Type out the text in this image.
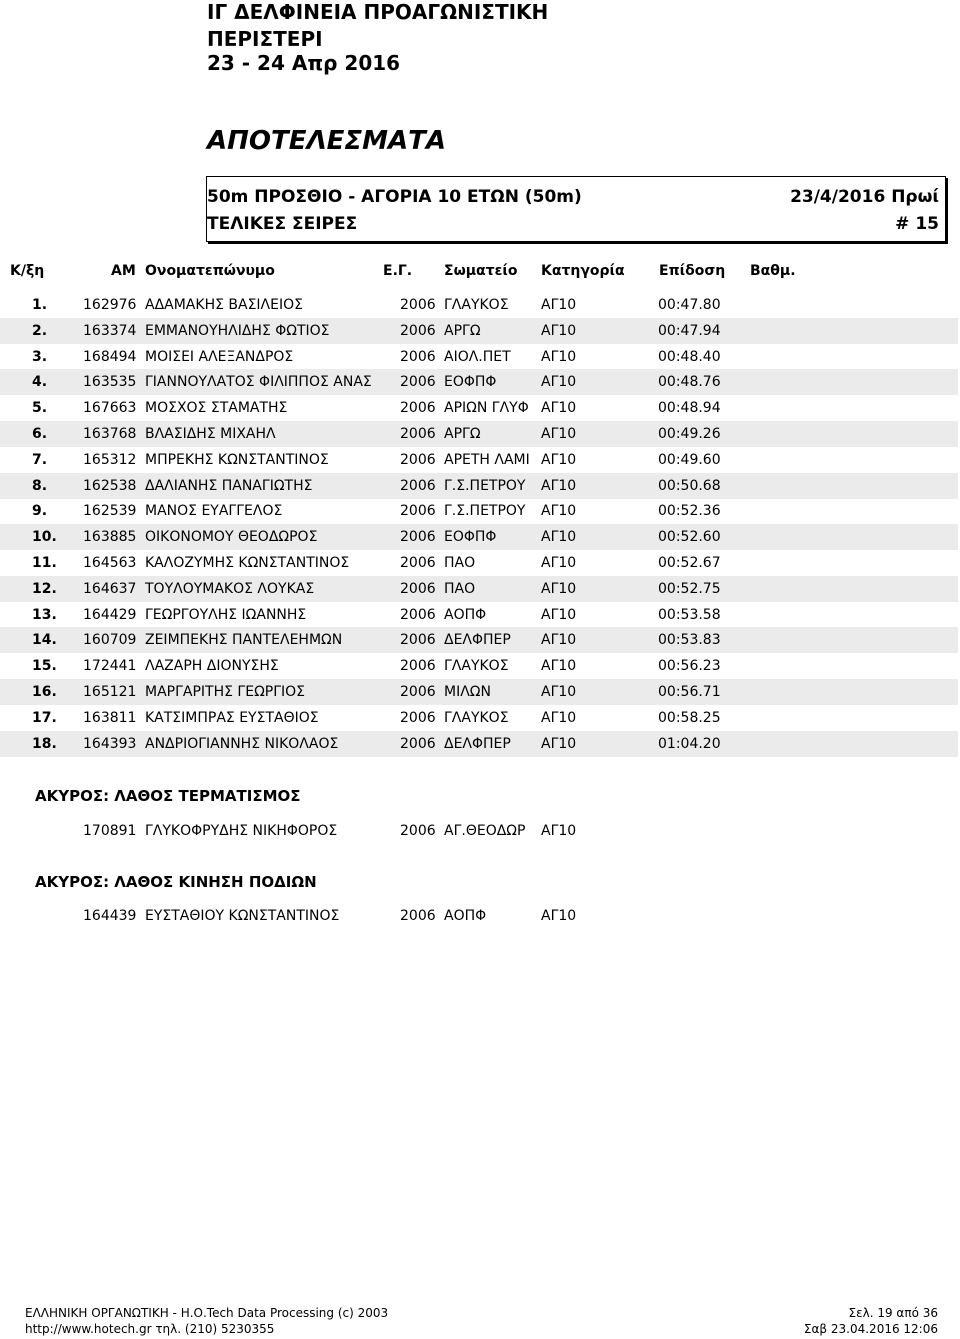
ΙΓ ΔΕΛΦΙΝΕΙΑ ΠΡΟΑΓΩΝΙΣΤΙΚΗ
ΠΕΡΙΣΤΕΡΙ
23 - 24 Απρ 2016
ΑΠΟΤΕΛΕΣΜΑΤΑ
50m ΠΡΟΣΘΙΟ - ΑΓΟΡΙΑ 10 ΕΤΩΝ (50m)	23/4/2016 Πρωί
ΤΕΛΙΚΕΣ ΣΕΙΡΕΣ	# 15
Κ/ξη	ΑΜ Ονοματεπώνυμο	Ε.Γ. Σωματείο Κατηγορία Επίδοση Βαθμ.
1.	162976 ΑΔΑΜΑΚΗΣ ΒΑΣΙΛΕΙΟΣ	2006 ΓΛΑΥΚΟΣ ΑΓ10	00:47.80
2.	163374 ΕΜΜΑΝΟΥΗΛΙΔΗΣ ΦΩΤΙΟΣ	2006 ΑΡΓΩ	ΑΓ10	00:47.94
3.	168494 ΜΟΙΣΕΙ ΑΛΕΞΑΝΔΡΟΣ	2006 ΑΙΟΛ.ΠΕΤ ΑΓ10	00:48.40
4.	163535 ΓΙΑΝΝΟΥΛΑΤΟΣ ΦΙΛΙΠΠΟΣ ΑΝΑΣ 2006 ΕΟΦΠΦ	ΑΓ10	00:48.76
5.	167663 ΜΟΣΧΟΣ ΣΤΑΜΑΤΗΣ	2006 ΑΡΙΩΝ ΓΛΥΦ ΑΓ10	00:48.94
6.	163768 ΒΛΑΣΙΔΗΣ ΜΙΧΑΗΛ	2006 ΑΡΓΩ	ΑΓ10	00:49.26
7.	165312 ΜΠΡΕΚΗΣ ΚΩΝΣΤΑΝΤΙΝΟΣ	2006 ΑΡΕΤΗ ΛΑΜΙ ΑΓ10	00:49.60
8.	162538 ΔΑΛΙΑΝΗΣ ΠΑΝΑΓΙΩΤΗΣ	2006 Γ.Σ.ΠΕΤΡΟΥ ΑΓ10	00:50.68
9.	162539 ΜΑΝΟΣ ΕΥΑΓΓΕΛΟΣ	2006 Γ.Σ.ΠΕΤΡΟΥ ΑΓ10	00:52.36
10. 163885 ΟΙΚΟΝΟΜΟΥ ΘΕΟΔΩΡΟΣ	2006 ΕΟΦΠΦ	ΑΓ10	00:52.60
11. 164563 ΚΑΛΟΖΥΜΗΣ ΚΩΝΣΤΑΝΤΙΝΟΣ	2006 ΠΑΟ	ΑΓ10	00:52.67
12. 164637 ΤΟΥΛΟΥΜΑΚΟΣ ΛΟΥΚΑΣ	2006 ΠΑΟ	ΑΓ10	00:52.75
13. 164429 ΓΕΩΡΓΟΥΛΗΣ ΙΩΑΝΝΗΣ	2006 ΑΟΠΦ	ΑΓ10	00:53.58
14. 160709 ΖΕΙΜΠΕΚΗΣ ΠΑΝΤΕΛΕΗΜΩΝ	2006 ΔΕΛΦΠΕΡ ΑΓ10	00:53.83
15. 172441 ΛΑΖΑΡΗ ΔΙΟΝΥΣΗΣ	2006 ΓΛΑΥΚΟΣ ΑΓ10	00:56.23
16. 165121 ΜΑΡΓΑΡΙΤΗΣ ΓΕΩΡΓΙΟΣ	2006 ΜΙΛΩΝ	ΑΓ10	00:56.71
17. 163811 ΚΑΤΣΙΜΠΡΑΣ ΕΥΣΤΑΘΙΟΣ	2006 ΓΛΑΥΚΟΣ ΑΓ10	00:58.25
18. 164393 ΑΝΔΡΙΟΓΙΑΝΝΗΣ ΝΙΚΟΛΑΟΣ	2006 ΔΕΛΦΠΕΡ ΑΓ10	01:04.20
ΑΚΥΡΟΣ: ΛΑΘΟΣ ΤΕΡΜΑΤΙΣΜΟΣ
170891 ΓΛΥΚΟΦΡΥΔΗΣ ΝΙΚΗΦΟΡΟΣ	2006 ΑΓ.ΘΕΟΔΩΡ ΑΓ10
ΑΚΥΡΟΣ: ΛΑΘΟΣ ΚΙΝΗΣΗ ΠΟΔΙΩΝ
164439 ΕΥΣΤΑΘΙΟΥ ΚΩΝΣΤΑΝΤΙΝΟΣ	2006 ΑΟΠΦ	ΑΓ10
ΕΛΛΗΝΙΚΗ ΟΡΓΑΝΩΤΙΚΗ - Η.Ο.Tech Data Processing (c) 2003
http://www.hotech.gr τηλ. (210) 5230355
Σελ. 19 από 36
Σαβ 23.04.2016 12:06
